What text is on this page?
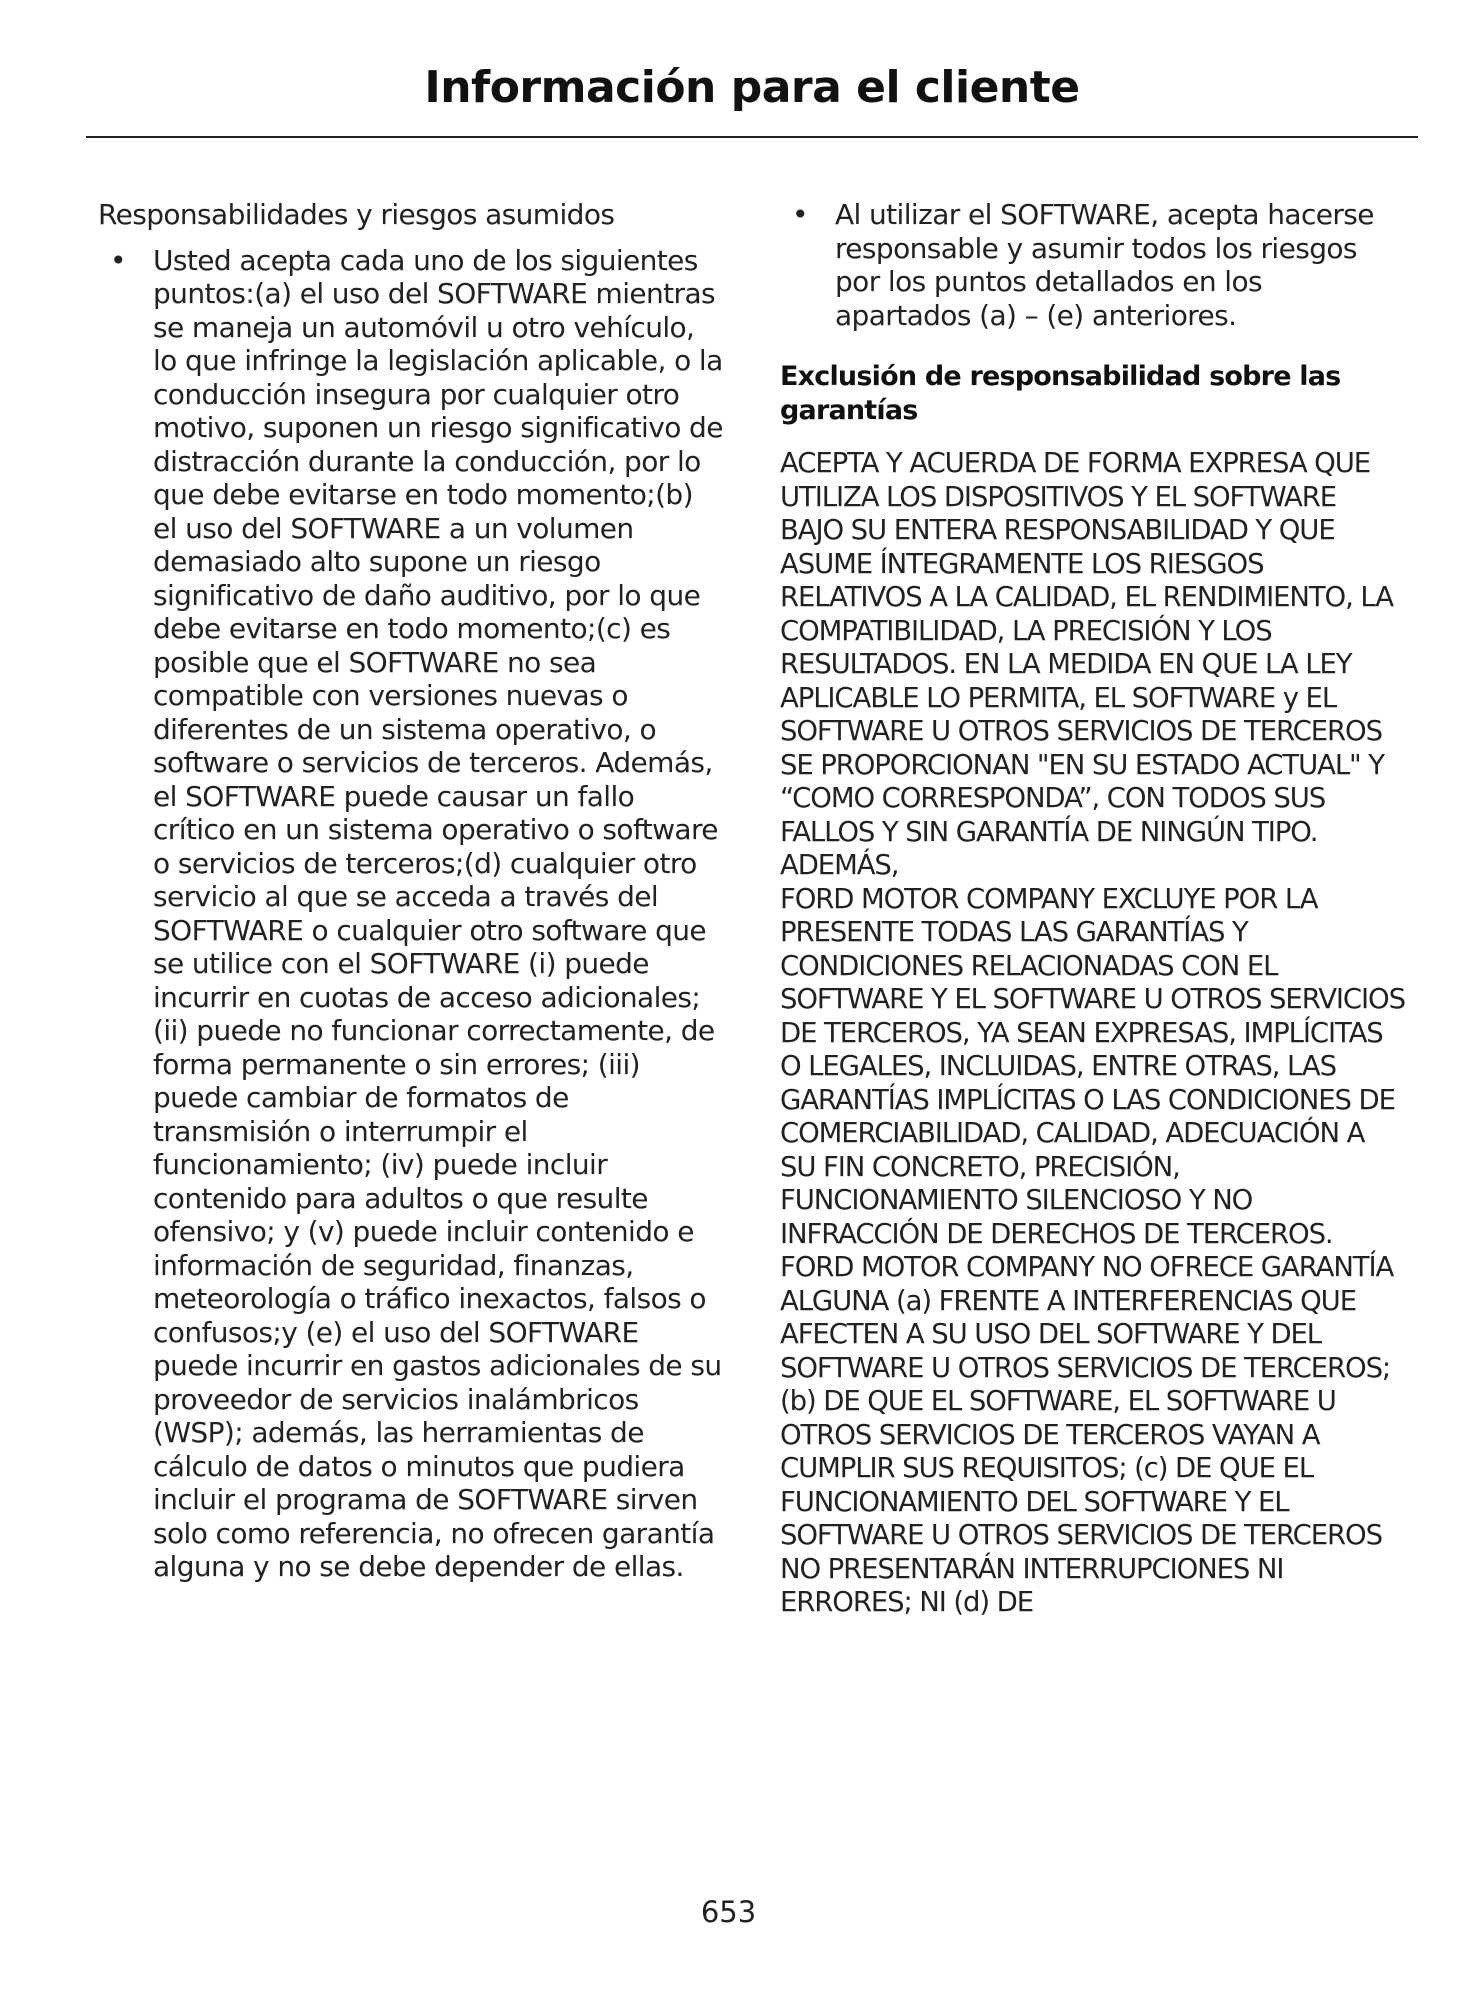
Información para el cliente
Responsabilidades y riesgos asumidos
• Usted acepta cada uno de los siguientes puntos:(a) el uso del SOFTWARE mientras se maneja un automóvil u otro vehículo, lo que infringe la legislación aplicable, o la conducción insegura por cualquier otro motivo, suponen un riesgo significativo de distracción durante la conducción, por lo que debe evitarse en todo momento;(b) el uso del SOFTWARE a un volumen demasiado alto supone un riesgo significativo de daño auditivo, por lo que debe evitarse en todo momento;(c) es posible que el SOFTWARE no sea compatible con versiones nuevas o diferentes de un sistema operativo, o software o servicios de terceros. Además, el SOFTWARE puede causar un fallo crítico en un sistema operativo o software o servicios de terceros;(d) cualquier otro servicio al que se acceda a través del SOFTWARE o cualquier otro software que se utilice con el SOFTWARE (i) puede incurrir en cuotas de acceso adicionales; (ii) puede no funcionar correctamente, de forma permanente o sin errores; (iii) puede cambiar de formatos de transmisión o interrumpir el funcionamiento; (iv) puede incluir contenido para adultos o que resulte ofensivo; y (v) puede incluir contenido e información de seguridad, finanzas, meteorología o tráfico inexactos, falsos o confusos;y (e) el uso del SOFTWARE puede incurrir en gastos adicionales de su proveedor de servicios inalámbricos (WSP); además, las herramientas de cálculo de datos o minutos que pudiera incluir el programa de SOFTWARE sirven solo como referencia, no ofrecen garantía alguna y no se debe depender de ellas.
• Al utilizar el SOFTWARE, acepta hacerse responsable y asumir todos los riesgos por los puntos detallados en los apartados (a) – (e) anteriores.
Exclusión de responsabilidad sobre las garantías
ACEPTA Y ACUERDA DE FORMA EXPRESA QUE UTILIZA LOS DISPOSITIVOS Y EL SOFTWARE BAJO SU ENTERA RESPONSABILIDAD Y QUE ASUME ÍNTEGRAMENTE LOS RIESGOS RELATIVOS A LA CALIDAD, EL RENDIMIENTO, LA COMPATIBILIDAD, LA PRECISIÓN Y LOS RESULTADOS. EN LA MEDIDA EN QUE LA LEY APLICABLE LO PERMITA, EL SOFTWARE y EL SOFTWARE U OTROS SERVICIOS DE TERCEROS SE PROPORCIONAN "EN SU ESTADO ACTUAL" Y “COMO CORRESPONDA”, CON TODOS SUS FALLOS Y SIN GARANTÍA DE NINGÚN TIPO. ADEMÁS,
FORD MOTOR COMPANY EXCLUYE POR LA PRESENTE TODAS LAS GARANTÍAS Y CONDICIONES RELACIONADAS CON EL SOFTWARE Y EL SOFTWARE U OTROS SERVICIOS DE TERCEROS, YA SEAN EXPRESAS, IMPLÍCITAS O LEGALES, INCLUIDAS, ENTRE OTRAS, LAS GARANTÍAS IMPLÍCITAS O LAS CONDICIONES DE COMERCIABILIDAD, CALIDAD, ADECUACIÓN A SU FIN CONCRETO, PRECISIÓN, FUNCIONAMIENTO SILENCIOSO Y NO INFRACCIÓN DE DERECHOS DE TERCEROS. FORD MOTOR COMPANY NO OFRECE GARANTÍA ALGUNA (a) FRENTE A INTERFERENCIAS QUE AFECTEN A SU USO DEL SOFTWARE Y DEL SOFTWARE U OTROS SERVICIOS DE TERCEROS; (b) DE QUE EL SOFTWARE, EL SOFTWARE U OTROS SERVICIOS DE TERCEROS VAYAN A CUMPLIR SUS REQUISITOS; (c) DE QUE EL FUNCIONAMIENTO DEL SOFTWARE Y EL SOFTWARE U OTROS SERVICIOS DE TERCEROS NO PRESENTARÁN INTERRUPCIONES NI ERRORES; NI (d) DE
653
